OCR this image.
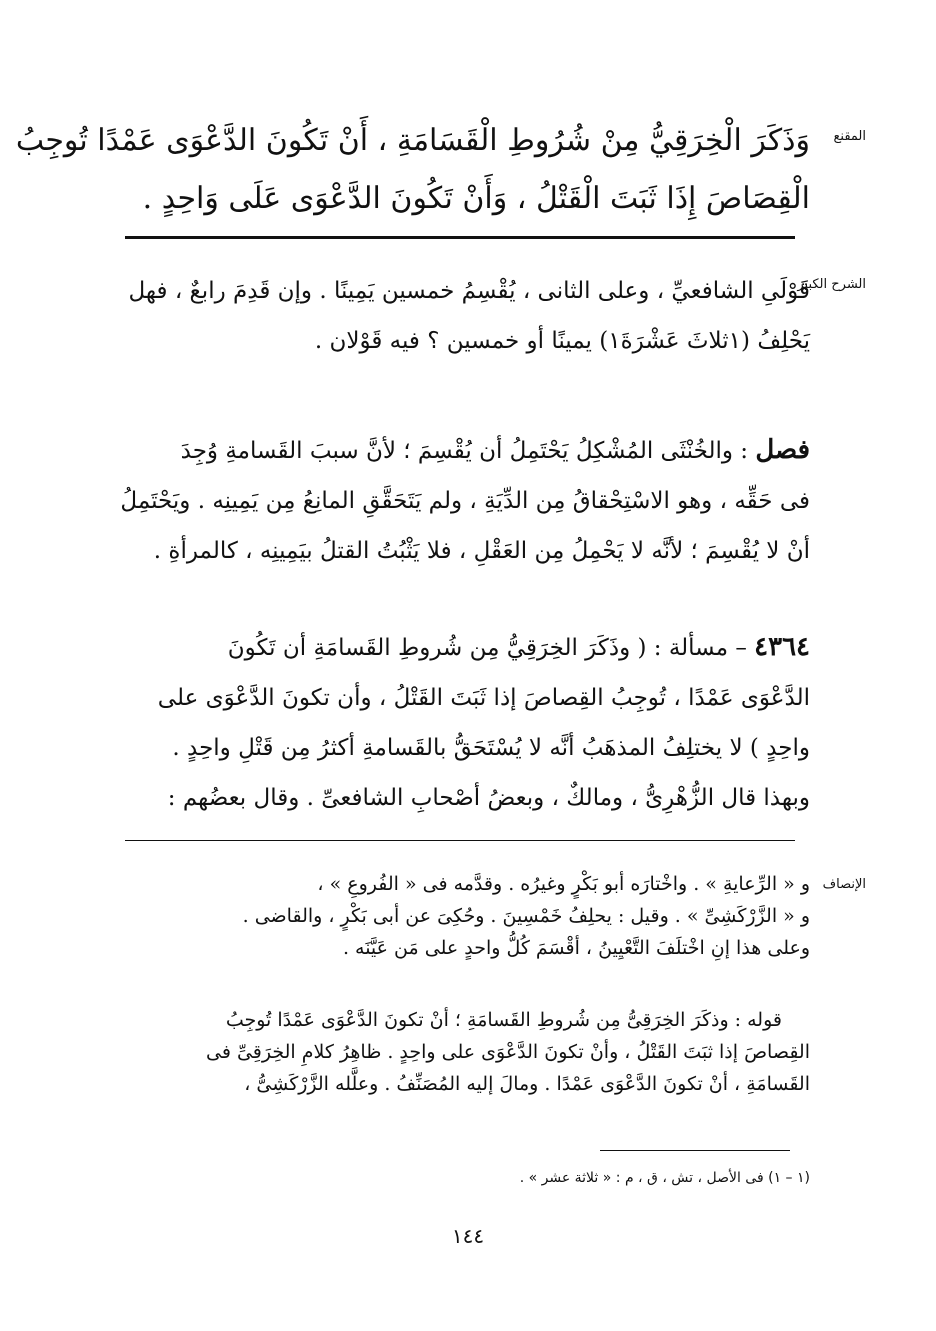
المقنع
وَذَكَرَ الْخِرَقِيُّ مِنْ شُرُوطِ الْقَسَامَةِ ، أَنْ تَكُونَ الدَّعْوَى عَمْدًا تُوجِبُ
الْقِصَاصَ إِذَا ثَبَتَ الْقَتْلُ ، وَأَنْ تَكُونَ الدَّعْوَى عَلَى وَاحِدٍ .
الشرح الكبير
قَوْلَىِ الشافعيِّ ، وعلى الثانى ، يُقْسِمُ خمسين يَمِينًا . وإن قَدِمَ رابعٌ ، فهل
يَحْلِفُ (١ثلاثَ عَشْرَةَ١) يمينًا أو خمسين ؟ فيه قَوْلان .
فصل : والخُنْثَى المُشْكِلُ يَحْتَمِلُ أن يُقْسِمَ ؛ لأنَّ سببَ القَسامةِ وُجِدَ
فى حَقِّه ، وهو الاسْتِحْقاقُ مِن الدِّيَةِ ، ولم يَتَحَقَّقِ المانِعُ مِن يَمِينِه . ويَحْتَمِلُ
أنْ لا يُقْسِمَ ؛ لأنَّه لا يَحْمِلُ مِن العَقْلِ ، فلا يَثْبُتُ القتلُ بيَمِينِه ، كالمرأةِ .
٤٣٦٤ – مسألة : ( وذَكَرَ الخِرَقِيُّ مِن شُروطِ القَسامَةِ أن تَكُونَ
الدَّعْوَى عَمْدًا ، تُوجِبُ القِصاصَ إذا ثَبَتَ القَتْلُ ، وأن تكونَ الدَّعْوَى على
واحِدٍ ) لا يختلِفُ المذهَبُ أنَّه لا يُسْتَحَقُّ بالقَسامةِ أكثرُ مِن قَتْلِ واحِدٍ .
وبهذا قال الزُّهْرِىُّ ، ومالكٌ ، وبعضُ أصْحابِ الشافعىِّ . وقال بعضُهم :
الإنصاف
و « الرِّعايةِ » . واخْتارَه أبو بَكْرٍ وغيرُه . وقدَّمه فى « الفُروعِ » ،
و « الزَّرْكَشِىِّ » . وقيل : يحلِفُ خَمْسِينَ . وحُكِىَ عن أبى بَكْرٍ ، والقاضى .
وعلى هذا إنِ اخْتلَفَ التَّعْيِينُ ، أقْسَمَ كُلُّ واحدٍ على مَن عَيَّنَه .
قوله : وذكَرَ الخِرَقِىُّ مِن شُروطِ القَسامَةِ ؛ أنْ تكونَ الدَّعْوَى عَمْدًا تُوجِبُ
القِصاصَ إذا ثبَتَ القَتْلُ ، وأنْ تكونَ الدَّعْوَى على واحِدٍ . ظاهِرُ كلامِ الخِرَقِىِّ فى
القَسامَةِ ، أنْ تكونَ الدَّعْوَى عَمْدًا . ومالَ إليه المُصَنِّفُ . وعلَّله الزَّرْكَشِىُّ ،
(١ – ١) فى الأصل ، تش ، ق ، م : « ثلاثة عشر » .
١٤٤
